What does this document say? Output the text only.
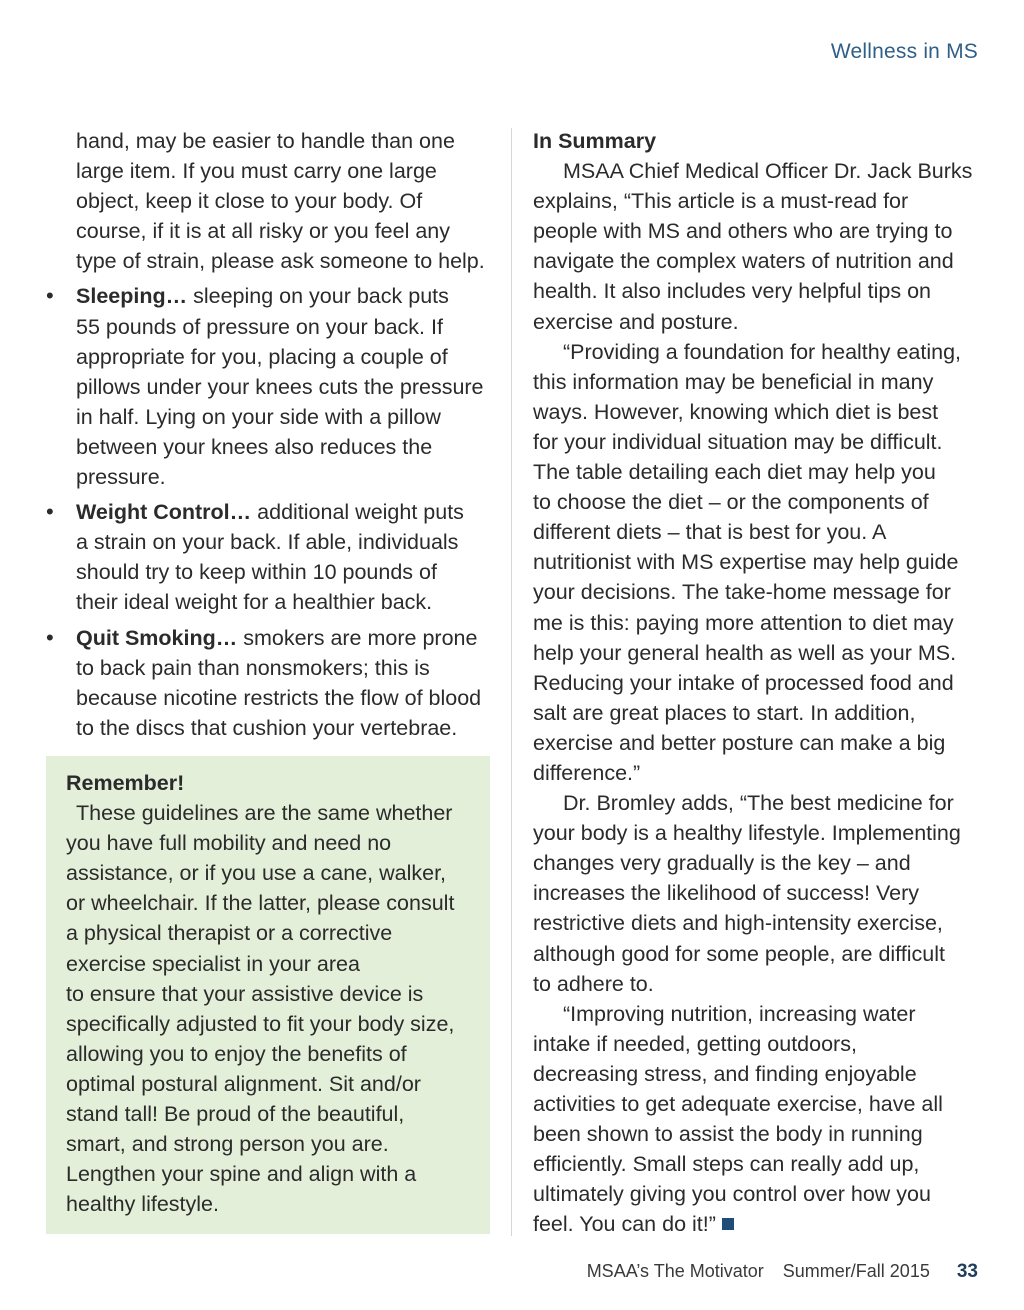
Wellness in MS

hand, may be easier to handle than one
large item. If you must carry one large
object, keep it close to your body. Of
course, if it is at all risky or you feel any
type of strain, please ask someone to help.

• Sleeping… sleeping on your back puts
55 pounds of pressure on your back. If
appropriate for you, placing a couple of
pillows under your knees cuts the pressure
in half. Lying on your side with a pillow
between your knees also reduces the
pressure.

• Weight Control… additional weight puts
a strain on your back. If able, individuals
should try to keep within 10 pounds of
their ideal weight for a healthier back.

• Quit Smoking… smokers are more prone
to back pain than nonsmokers; this is
because nicotine restricts the flow of blood
to the discs that cushion your vertebrae.

Remember!

These guidelines are the same whether
you have full mobility and need no
assistance, or if you use a cane, walker,
or wheelchair. If the latter, please consult
a physical therapist or a corrective
exercise specialist in your area
to ensure that your assistive device is
specifically adjusted to fit your body size,
allowing you to enjoy the benefits of
optimal postural alignment. Sit and/or
stand tall! Be proud of the beautiful,
smart, and strong person you are.
Lengthen your spine and align with a
healthy lifestyle.

In Summary

MSAA Chief Medical Officer Dr. Jack Burks
explains, “This article is a must-read for
people with MS and others who are trying to
navigate the complex waters of nutrition and
health. It also includes very helpful tips on
exercise and posture.

“Providing a foundation for healthy eating,
this information may be beneficial in many
ways. However, knowing which diet is best
for your individual situation may be difficult.
The table detailing each diet may help you
to choose the diet – or the components of
different diets – that is best for you. A
nutritionist with MS expertise may help guide
your decisions. The take-home message for
me is this: paying more attention to diet may
help your general health as well as your MS.
Reducing your intake of processed food and
salt are great places to start. In addition,
exercise and better posture can make a big
difference.”

Dr. Bromley adds, “The best medicine for
your body is a healthy lifestyle. Implementing
changes very gradually is the key – and
increases the likelihood of success! Very
restrictive diets and high-intensity exercise,
although good for some people, are difficult
to adhere to.

“Improving nutrition, increasing water
intake if needed, getting outdoors,
decreasing stress, and finding enjoyable
activities to get adequate exercise, have all
been shown to assist the body in running
efficiently. Small steps can really add up,
ultimately giving you control over how you
feel. You can do it!”

MSAA’s The Motivator Summer/Fall 2015 33
